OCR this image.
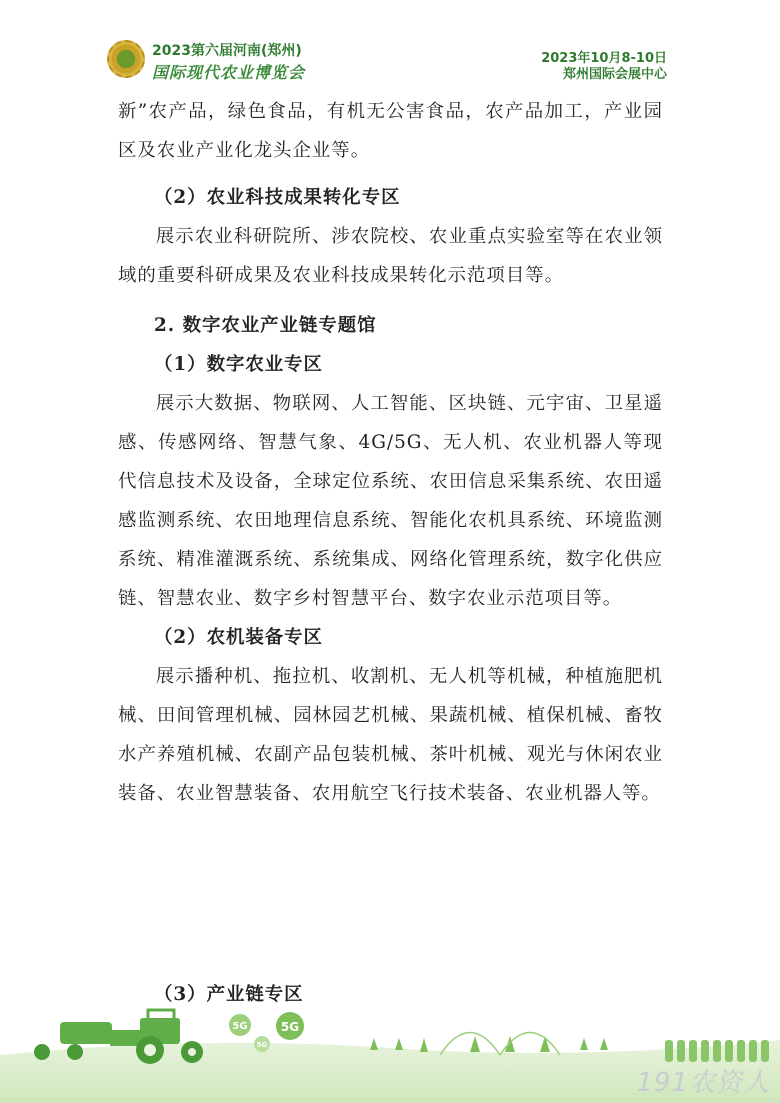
2023第六届河南(郑州)
国际现代农业博览会
2023年10月8-10日
郑州国际会展中心

新”农产品，绿色食品，有机无公害食品，农产品加工，产业园区及农业产业化龙头企业等。

（2）农业科技成果转化专区

展示农业科研院所、涉农院校、农业重点实验室等在农业领域的重要科研成果及农业科技成果转化示范项目等。

2. 数字农业产业链专题馆

（1）数字农业专区

展示大数据、物联网、人工智能、区块链、元宇宙、卫星遥感、传感网络、智慧气象、4G/5G、无人机、农业机器人等现代信息技术及设备，全球定位系统、农田信息采集系统、农田遥感监测系统、农田地理信息系统、智能化农机具系统、环境监测系统、精准灌溉系统、系统集成、网络化管理系统，数字化供应链、智慧农业、数字乡村智慧平台、数字农业示范项目等。

（2）农机装备专区

展示播种机、拖拉机、收割机、无人机等机械，种植施肥机械、田间管理机械、园林园艺机械、果蔬机械、植保机械、畜牧水产养殖机械、农副产品包装机械、茶叶机械、观光与休闲农业装备、农业智慧装备、农用航空飞行技术装备、农业机器人等。

（3）产业链专区
5G	5G
5G
191农资人
